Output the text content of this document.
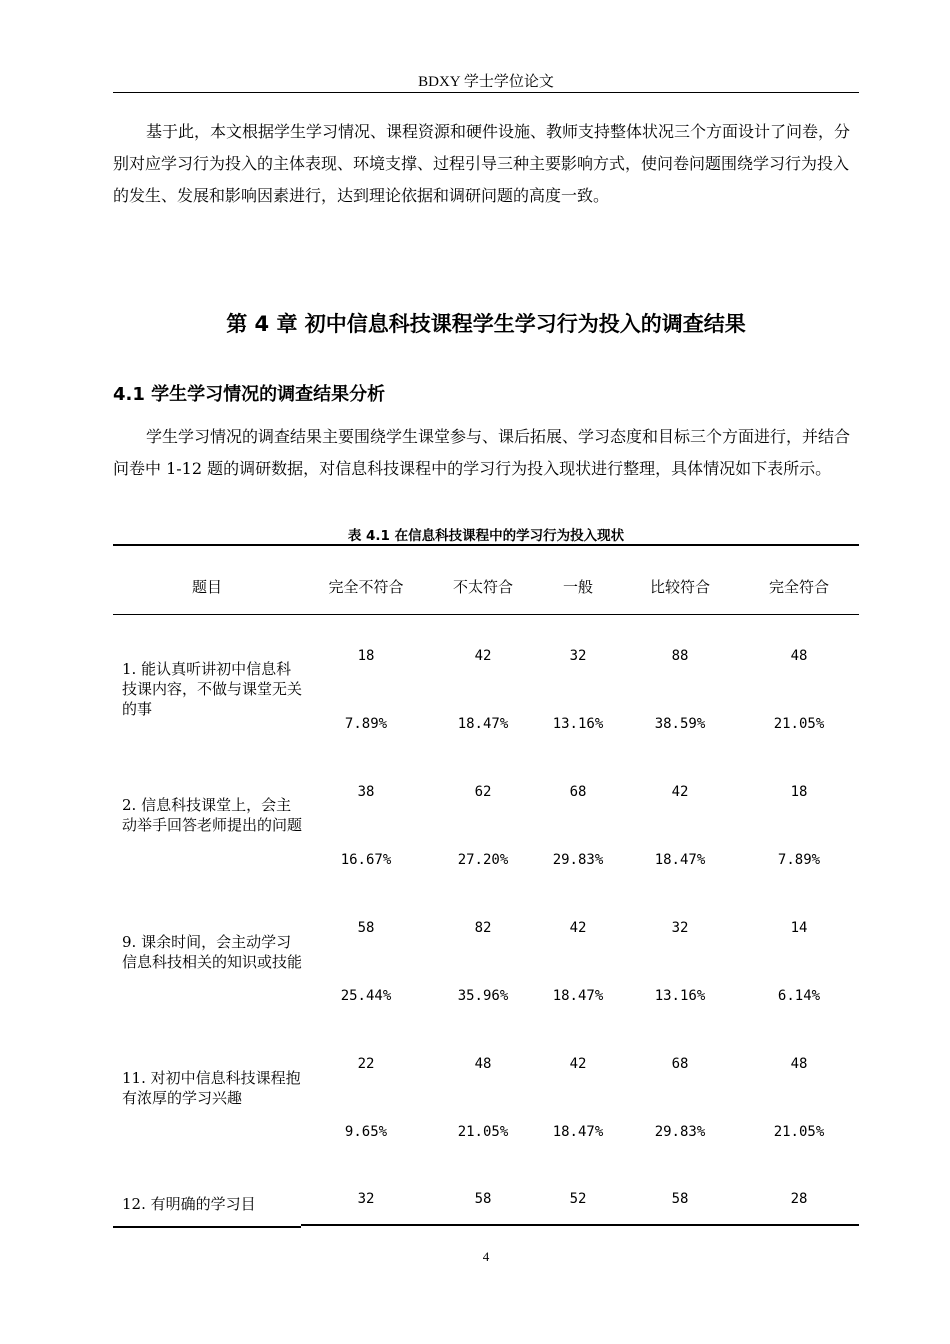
BDXY 学士学位论文

基于此，本文根据学生学习情况、课程资源和硬件设施、教师支持整体状况三个方面设计了问卷，分别对应学习行为投入的主体表现、环境支撑、过程引导三种主要影响方式，使问卷问题围绕学习行为投入的发生、发展和影响因素进行，达到理论依据和调研问题的高度一致。

第 4 章 初中信息科技课程学生学习行为投入的调查结果
4.1 学生学习情况的调查结果分析

学生学习情况的调查结果主要围绕学生课堂参与、课后拓展、学习态度和目标三个方面进行，并结合问卷中 1-12 题的调研数据，对信息科技课程中的学习行为投入现状进行整理，具体情况如下表所示。

表 4.1 在信息科技课程中的学习行为投入现状
题目	完全不符合	不太符合	一般	比较符合	完全符合
1. 能认真听讲初中信息科技课内容，不做与课堂无关的事
18	42	32	88	48
7.89%	18.47%	13.16%	38.59%	21.05%
2. 信息科技课堂上，会主动举手回答老师提出的问题
38	62	68	42	18
16.67%	27.20%	29.83%	18.47%	7.89%
9. 课余时间，会主动学习信息科技相关的知识或技能
58	82	42	32	14
25.44%	35.96%	18.47%	13.16%	6.14%
11. 对初中信息科技课程抱有浓厚的学习兴趣
22	48	42	68	48
9.65%	21.05%	18.47%	29.83%	21.05%
12. 有明确的学习目	32	58	52	58	28
4
